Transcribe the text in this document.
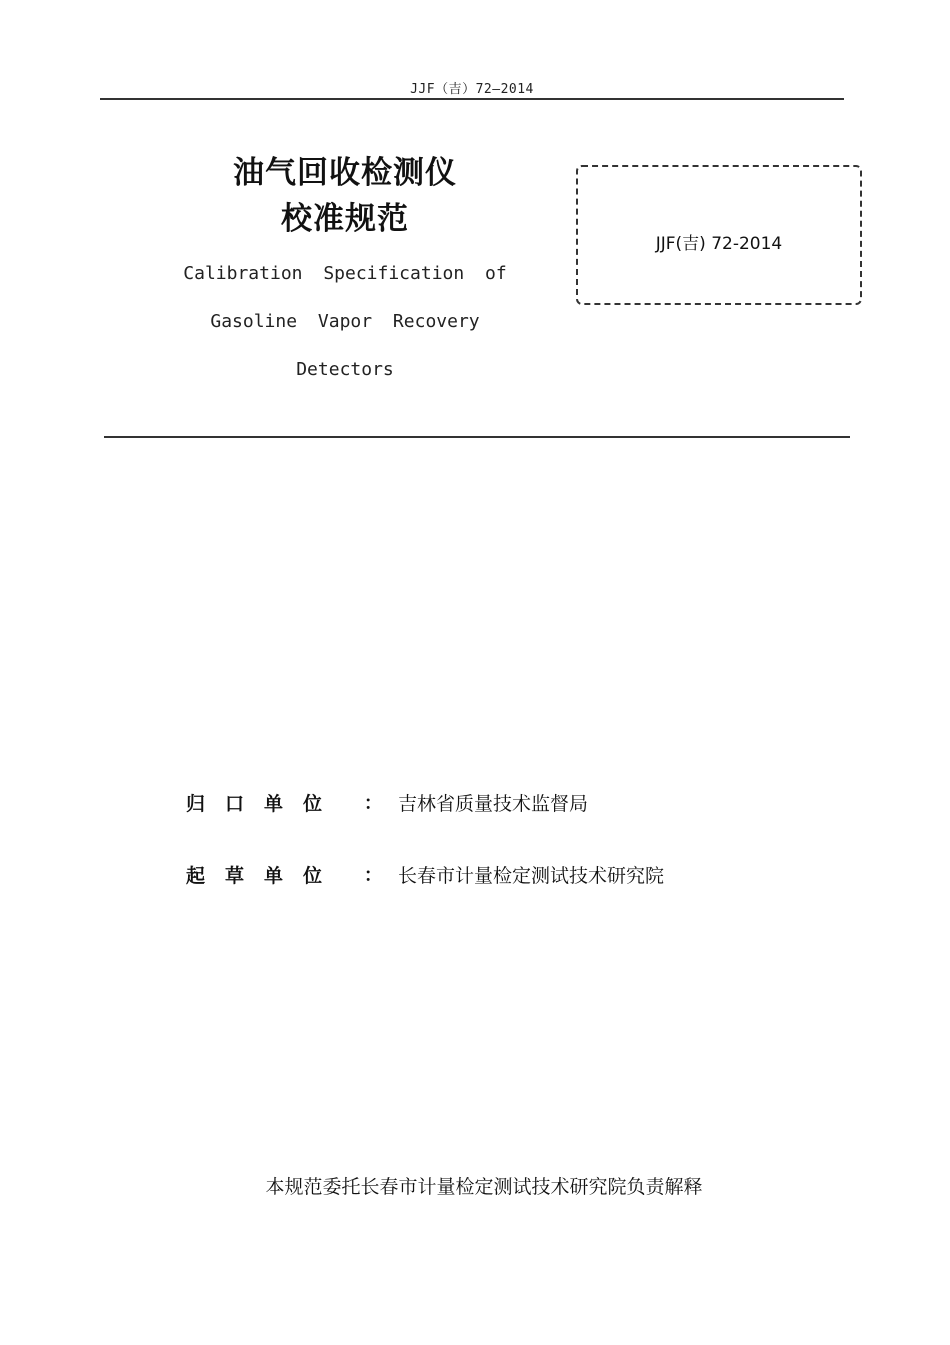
JJF（吉）72—2014
油气回收检测仪
校准规范
Calibration Specification of
Gasoline Vapor Recovery
Detectors
JJF(吉) 72-2014
归口单位	： 吉林省质量技术监督局
起草单位	： 长春市计量检定测试技术研究院
本规范委托长春市计量检定测试技术研究院负责解释
